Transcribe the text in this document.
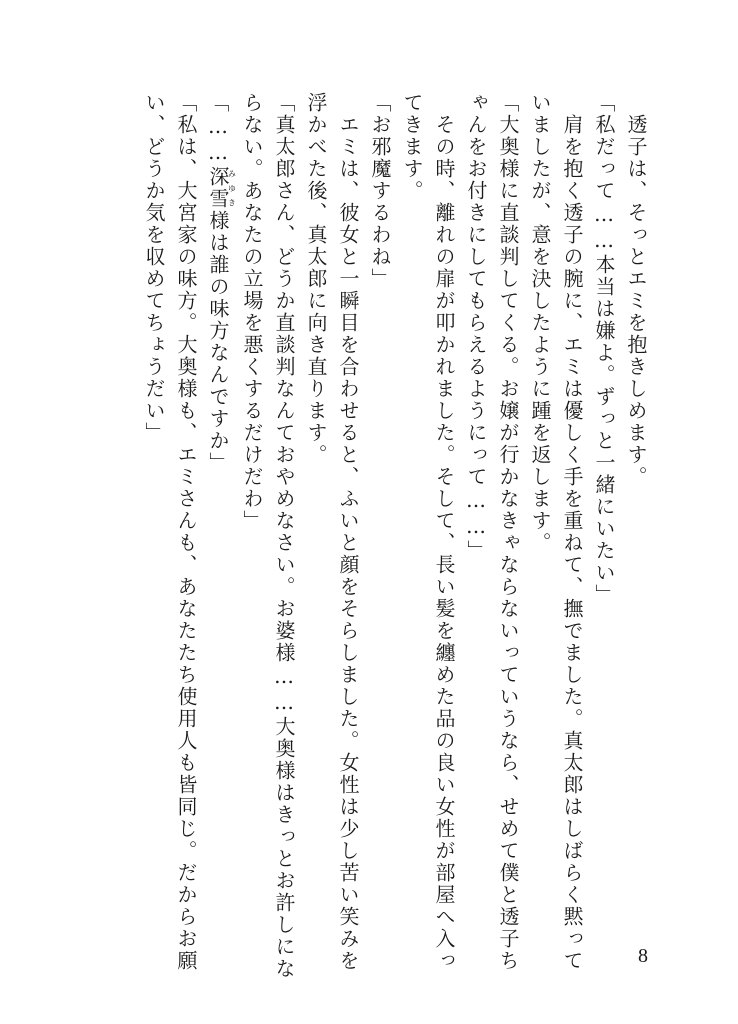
　透子は、そっとエミを抱きしめます。
「私だって……本当は嫌よ。ずっと一緒にいたい」
　肩を抱く透子の腕に、エミは優しく手を重ねて、撫でました。真太郎はしばらく黙って
いましたが、意を決したように踵を返します。
「大奥様に直談判してくる。お嬢が行かなきゃならないっていうなら、せめて僕と透子ち
ゃんをお付きにしてもらえるようにって……」
　その時、離れの扉が叩かれました。そして、長い髪を纏めた品の良い女性が部屋へ入っ
てきます。
「お邪魔するわね」
　エミは、彼女と一瞬目を合わせると、ふいと顔をそらしました。女性は少し苦い笑みを
浮かべた後、真太郎に向き直ります。
「真太郎さん、どうか直談判なんておやめなさい。お婆様……大奥様はきっとお許しにな
らない。あなたの立場を悪くするだけだわ」
「……深雪みゆき様は誰の味方なんですか」
「私は、大宮家の味方。大奥様も、エミさんも、あなたたち使用人も皆同じ。だからお願
い、どうか気を収めてちょうだい」
8
